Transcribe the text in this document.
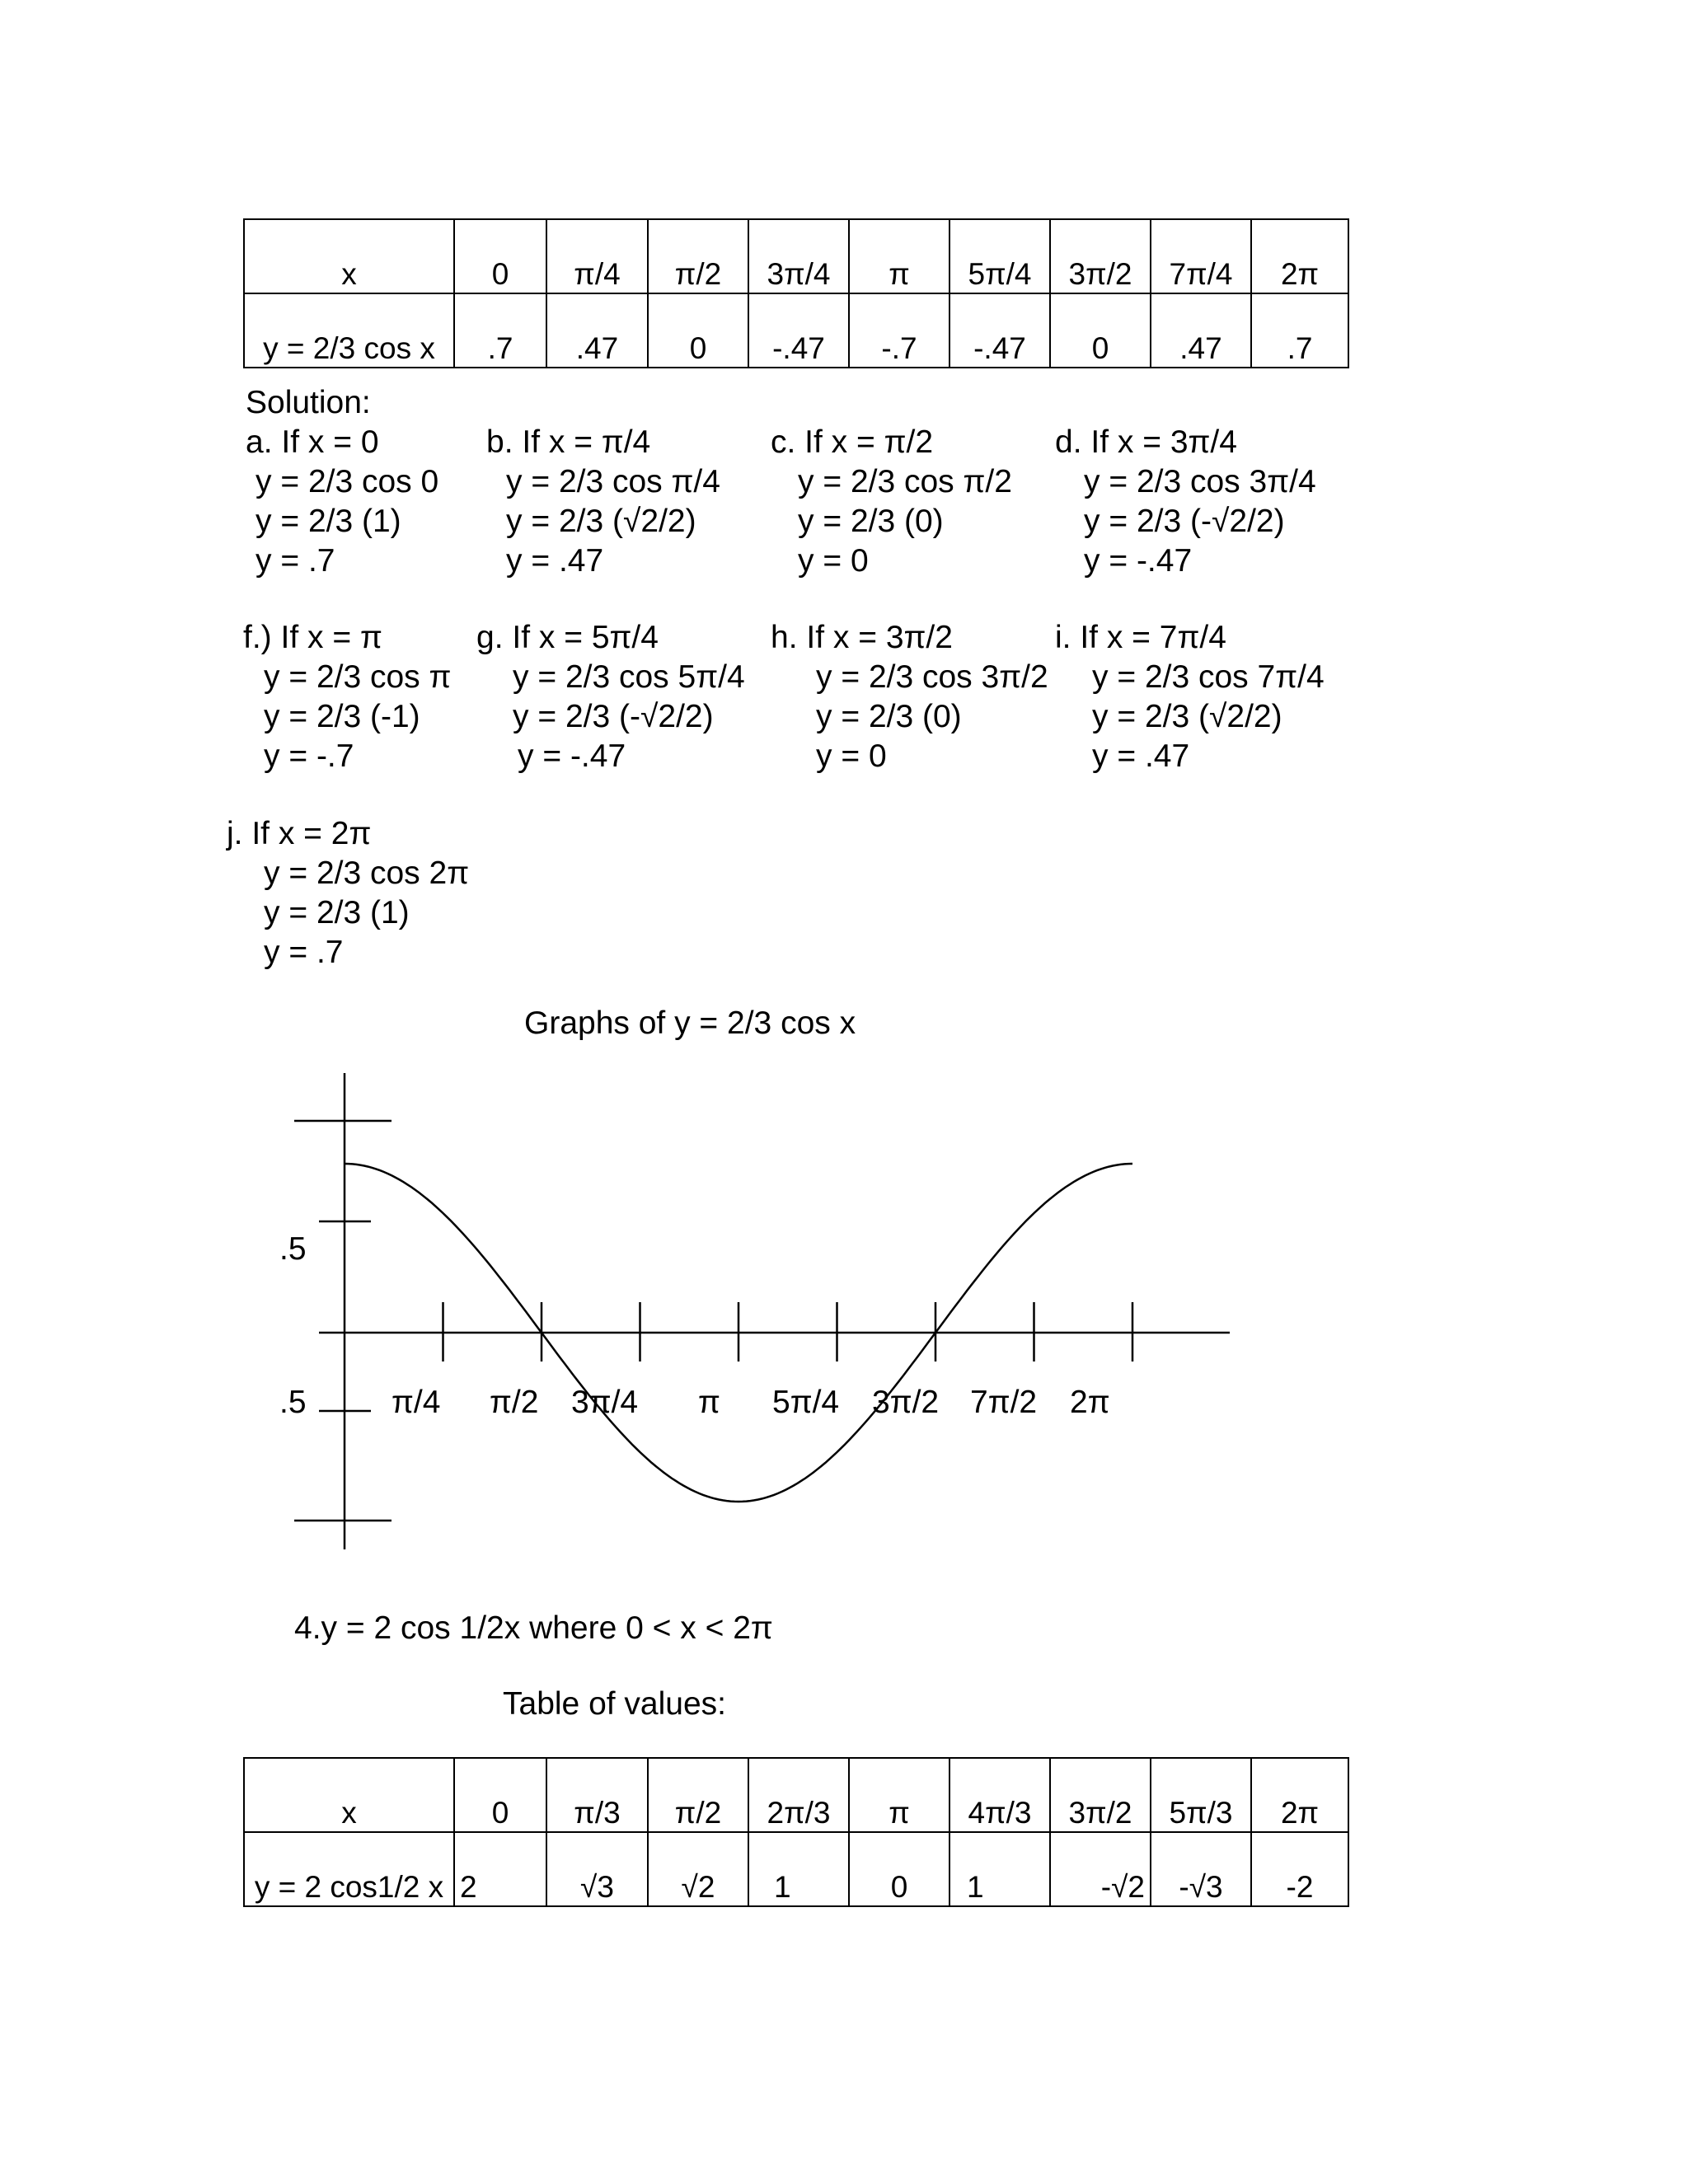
x	0	π/4	π/2	3π/4	π	5π/4	3π/2	7π/4	2π
y = 2/3 cos x	.7	.47	0	-.47	-.7	-.47	0	.47	.7
Solution:
a. If x = 0
y = 2/3 cos 0
y = 2/3 (1)
y = .7
b. If x = π/4
y = 2/3 cos π/4
y = 2/3 (√2/2)
y = .47
c. If x = π/2
y = 2/3 cos π/2
y = 2/3 (0)
y = 0
d. If x = 3π/4
y = 2/3 cos 3π/4
y = 2/3 (-√2/2)
y = -.47
f.) If x = π
y = 2/3 cos π
y = 2/3 (-1)
y = -.7
g. If x = 5π/4
y = 2/3 cos 5π/4
y = 2/3 (-√2/2)
y = -.47
h. If x = 3π/2
y = 2/3 cos 3π/2
y = 2/3 (0)
y = 0
i. If x = 7π/4
y = 2/3 cos 7π/4
y = 2/3 (√2/2)
y = .47
j. If x = 2π
y = 2/3 cos 2π
y = 2/3 (1)
y = .7
Graphs of y = 2/3 cos x
.5
.5	π/4 π/2 3π/4 π 5π/4 3π/2 7π/2 2π
4.y = 2 cos 1/2x where 0 < x < 2π
Table of values:
x	0	π/3	π/2	2π/3	π	4π/3	3π/2	5π/3	2π
y = 2 cos1/2 x	2	√3	√2	1	0	1	-√2	-√3	-2
